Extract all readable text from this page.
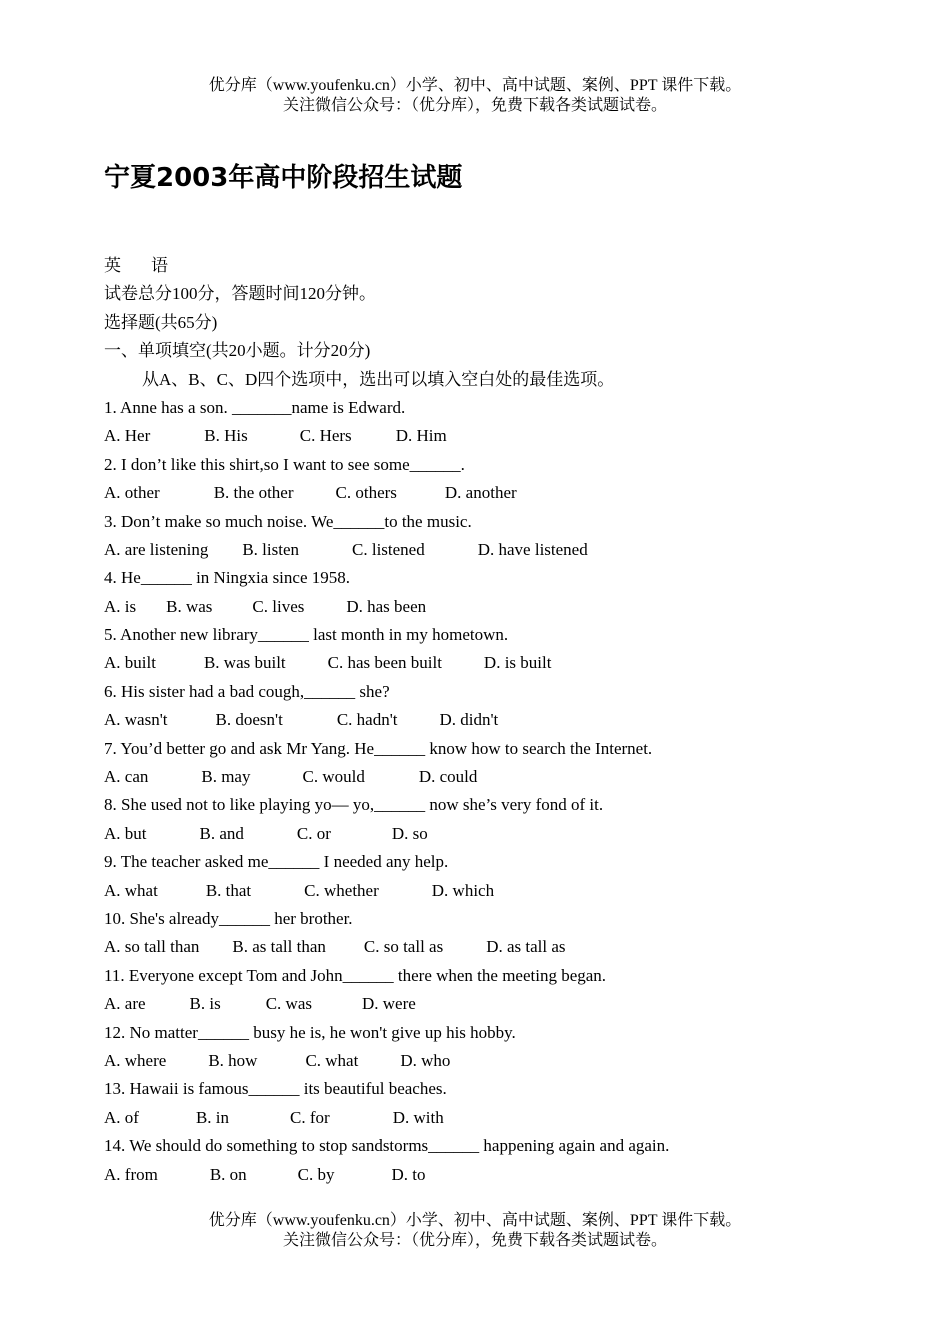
优分库（www.youfenku.cn）小学、初中、高中试题、案例、PPT 课件下载。
关注微信公众号：（优分库），免费下载各类试题试卷。
宁夏2003年高中阶段招生试题
英 语
试卷总分100分，答题时间120分钟。
选择题(共65分)
一、单项填空(共20小题。计分20分)
从A、B、C、D四个选项中，选出可以填入空白处的最佳选项。
1. Anne has a son. _______name is Edward.
A. Her	B. His	C. Hers	D. Him
2. I don’t like this shirt,so I want to see some______.
A. other	B. the other C. others	D. another
3. Don’t make so much noise. We______to the music.
A. are listening B. listen	C. listened	D. have listened
4. He______ in Ningxia since 1958.
A. is B. was C. lives D. has been
5. Another new library______ last month in my hometown.
A. built	B. was built C. has been built D. is built
6. His sister had a bad cough,______ she?
A. wasn't	B. doesn't	C. hadn't D. didn't
7. You’d better go and ask Mr Yang. He______ know how to search the Internet.
A. can	B. may	C. would	D. could
8. She used not to like playing yo— yo,______ now she’s very fond of it.
A. but	B. and	C. or	D. so
9. The teacher asked me______ I needed any help.
A. what	B. that	C. whether	D. which
10. She's already______ her brother.
A. so tall than B. as tall than C. so tall as	D. as tall as
11. Everyone except Tom and John______ there when the meeting began.
A. are	B. is	C. was	D. were
12. No matter______ busy he is, he won't give up his hobby.
A. where B. how	C. what D. who
13. Hawaii is famous______ its beautiful beaches.
A. of	B. in	C. for	D. with
14. We should do something to stop sandstorms______ happening again and again.
A. from	B. on	C. by	D. to
优分库（www.youfenku.cn）小学、初中、高中试题、案例、PPT 课件下载。
关注微信公众号：（优分库），免费下载各类试题试卷。
